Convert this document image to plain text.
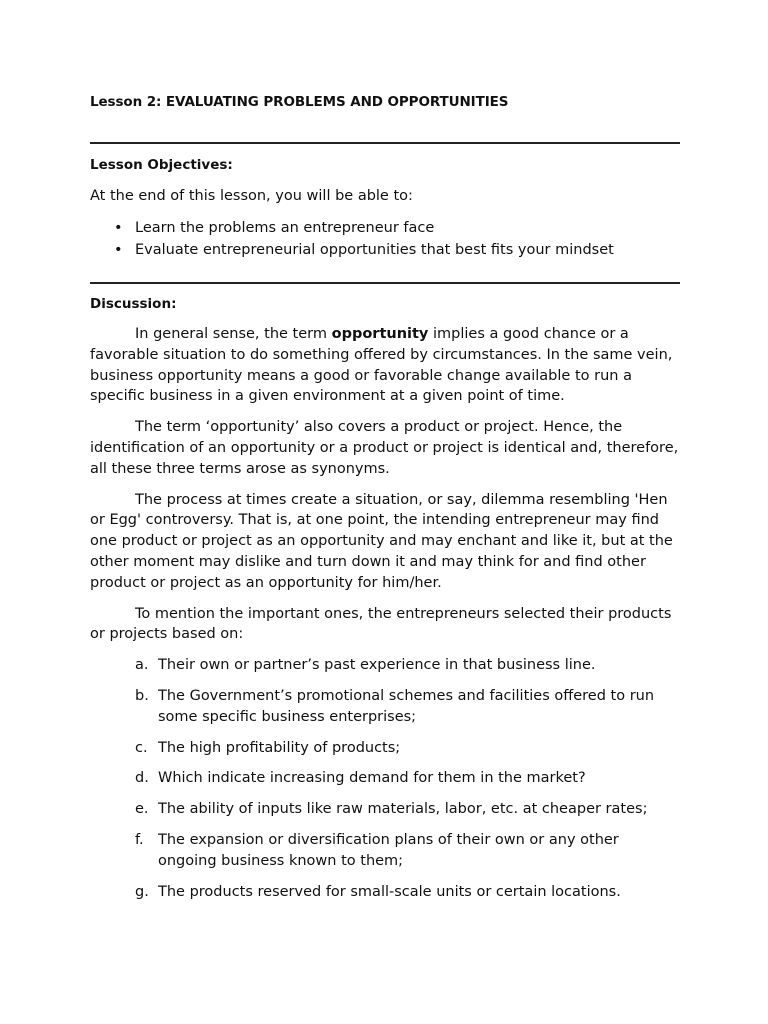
Lesson 2: EVALUATING PROBLEMS AND OPPORTUNITIES
Lesson Objectives:
At the end of this lesson, you will be able to:
• Learn the problems an entrepreneur face
• Evaluate entrepreneurial opportunities that best fits your mindset
Discussion:

In general sense, the term opportunity implies a good chance or a favorable situation to do something offered by circumstances. In the same vein, business opportunity means a good or favorable change available to run a specific business in a given environment at a given point of time.

The term ‘opportunity’ also covers a product or project. Hence, the identification of an opportunity or a product or project is identical and, therefore, all these three terms arose as synonyms.

The process at times create a situation, or say, dilemma resembling 'Hen or Egg' controversy. That is, at one point, the intending entrepreneur may find one product or project as an opportunity and may enchant and like it, but at the other moment may dislike and turn down it and may think for and find other product or project as an opportunity for him/her.

To mention the important ones, the entrepreneurs selected their products or projects based on:

a. Their own or partner’s past experience in that business line.
b. The Government’s promotional schemes and facilities offered to run some specific business enterprises;
c. The high profitability of products;
d. Which indicate increasing demand for them in the market?
e. The ability of inputs like raw materials, labor, etc. at cheaper rates;
f. The expansion or diversification plans of their own or any other ongoing business known to them;
g. The products reserved for small-scale units or certain locations.
